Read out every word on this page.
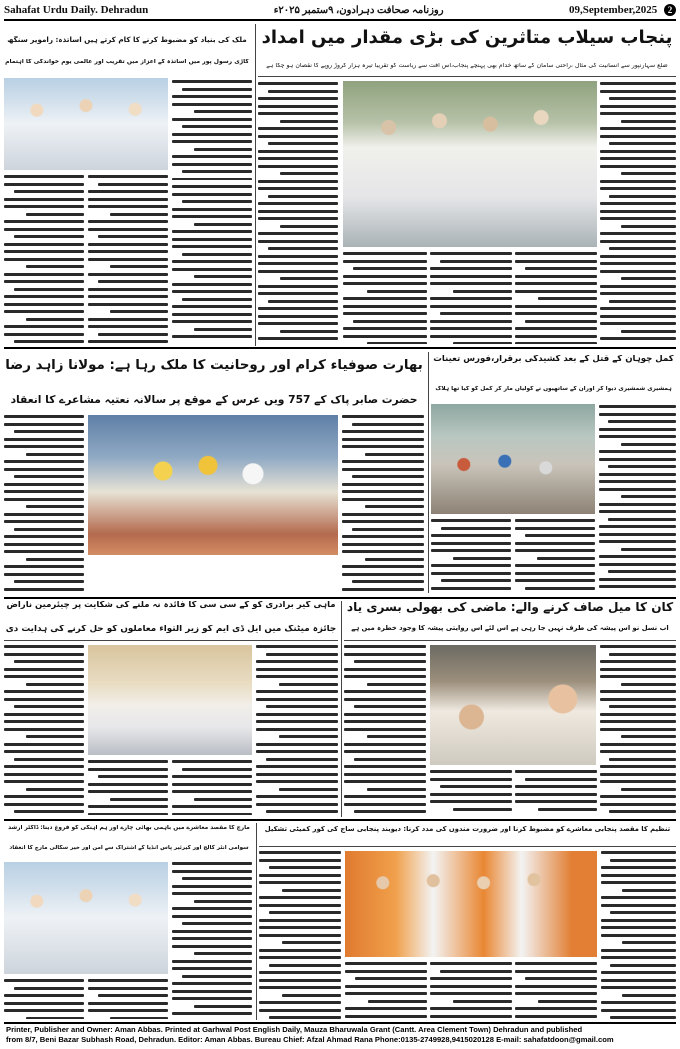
Sahafat Urdu Daily. Dehradun	روزنامہ صحافت دہرادون، ۹ستمبر ۲۰۲۵ء	09,September,2025 2
ملک کی بنیاد کو مضبوط کرنے کا کام کرتے ہیں اساتذہ: رامویر سنگھ
گاڑی رسول پور میں اساتذہ کے اعزاز میں تقریب اور عالمی یوم خواندگی کا اہتمام
پنجاب سیلاب متاثرین کی بڑی مقدار میں امداد
ضلع سہارنپور سے انسانیت کی مثال ،راحتی سامان کے ساتھ خدام بھی پہنچے پنجاب،اس آفت سے ریاست کو تقریباً تیرہ ہزار کروڑ روپے کا نقصان ہو چکا ہے
بھارت صوفیاء کرام اور روحانیت کا ملک رہا ہے: مولانا زاہد رضا
حضرت صابر پاک کے 757 ویں عرس کے موقع پر سالانہ نعتیہ مشاعرے کا انعقاد
کمل چوہان کے قتل کے بعد کشیدگی برقرار،فورس تعینات
ہمشیری شمشیری دیوا کر اوران کے ساتھیوں نے گولیاں مار کر کمل کو کیا تھا ہلاک
ماہی گیر برادری کو کے سی سی کا فائدہ نہ ملنے کی شکایت پر چیئرمین ناراض
جائزہ میٹنگ میں ایل ڈی ایم کو زیر التواء معاملوں کو حل کرنے کی ہدایت دی
کان کا میل صاف کرنے والے: ماضی کی بھولی بسری یاد
اب نسل نو اس پیشہ کی طرف نہیں جا رہی ہے اس لئے اس روایتی پیشہ کا وجود خطرہ میں ہے
مارچ کا مقصد معاشرے میں باہمی بھائی چارے اور ہم آہنگی کو فروغ دینا: ڈاکٹر ارشد
سوامی انٹر کالج اور کیرئیر پاس انڈیا کے اشتراک سے امن اور خیر سگالی مارچ کا انعقاد
تنظیم کا مقصد پنجابی معاشرے کو مضبوط کرنا اور ضرورت مندوں کی مدد کرنا: دیوبند پنجابی ساج کی کور کمیٹی تشکیل
Printer, Publisher and Owner: Aman Abbas. Printed at Garhwal Post English Daily, Mauza Bharuwala Grant (Cantt. Area Clement Town) Dehradun and published
from 8/7, Beni Bazar Subhash Road, Dehradun. Editor: Aman Abbas. Bureau Chief: Afzal Ahmad Rana Phone:0135-2749928,9415020128 E-mail: sahafatdoon@gmail.com
